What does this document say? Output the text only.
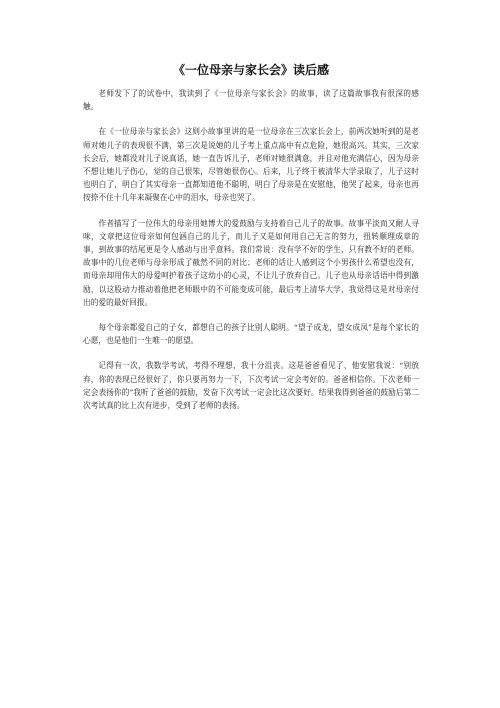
《一位母亲与家长会》读后感

老师发下了的试卷中，我读到了《一位母亲与家长会》的故事，读了这篇故事我有很深的感触。

在《一位母亲与家长会》这则小故事里讲的是一位母亲在三次家长会上，前两次她听到的是老师对她儿子的表现很不满，第三次是说她的儿子考上重点高中有点危险，她很高兴。其实，三次家长会后，她都没对儿子说真话，她一直告诉儿子，老师对她很满意，并且对他充满信心，因为母亲不想让她儿子伤心，觉的自己很笨，尽管她很伤心。后来，儿子终于被清华大学录取了，儿子这时也明白了，明白了其实母亲一直都知道他不聪明，明白了母亲是在安慰他，他哭了起来，母亲也再按捺不住十几年来凝聚在心中的泪水，母亲也哭了。

作者描写了一位伟大的母亲用她博大的爱鼓励与支持着自己儿子的故事。故事平淡而又耐人寻味，文章把这位母亲如何包涵自己的儿子，而儿子又是如何用自己无言的努力，扭转顺理成章的事，到故事的结尾更是令人感动与出乎意料。我们常说：没有学不好的学生，只有教不好的老师。故事中的几位老师与母亲形成了截然不同的对比；老师的话让人感到这个小男孩什么希望也没有，而母亲却用伟大的母爱呵护着孩子这幼小的心灵，不让儿子放弃自己。儿子也从母亲话语中得到激励，以这股动力推动着他把老师眼中的不可能变成可能，最后考上清华大学，我觉得这是对母亲付出的爱的最好回报。

每个母亲都爱自己的子女，都想自己的孩子比别人聪明。“望子成龙，望女成凤”是每个家长的心愿，也是他们一生唯一的愿望。

记得有一次，我数学考试，考得不理想，我十分沮丧。这是爸爸看见了，他安慰我说：“别放弃，你的表现已经很好了，你只要再努力一下，下次考试一定会考好的。爸爸相信你。下次老师一定会表扬你的”我听了爸爸的鼓励，发奋下次考试一定会比这次要好。结果我得到爸爸的鼓励后第二次考试真的比上次有进步，受到了老师的表扬。
